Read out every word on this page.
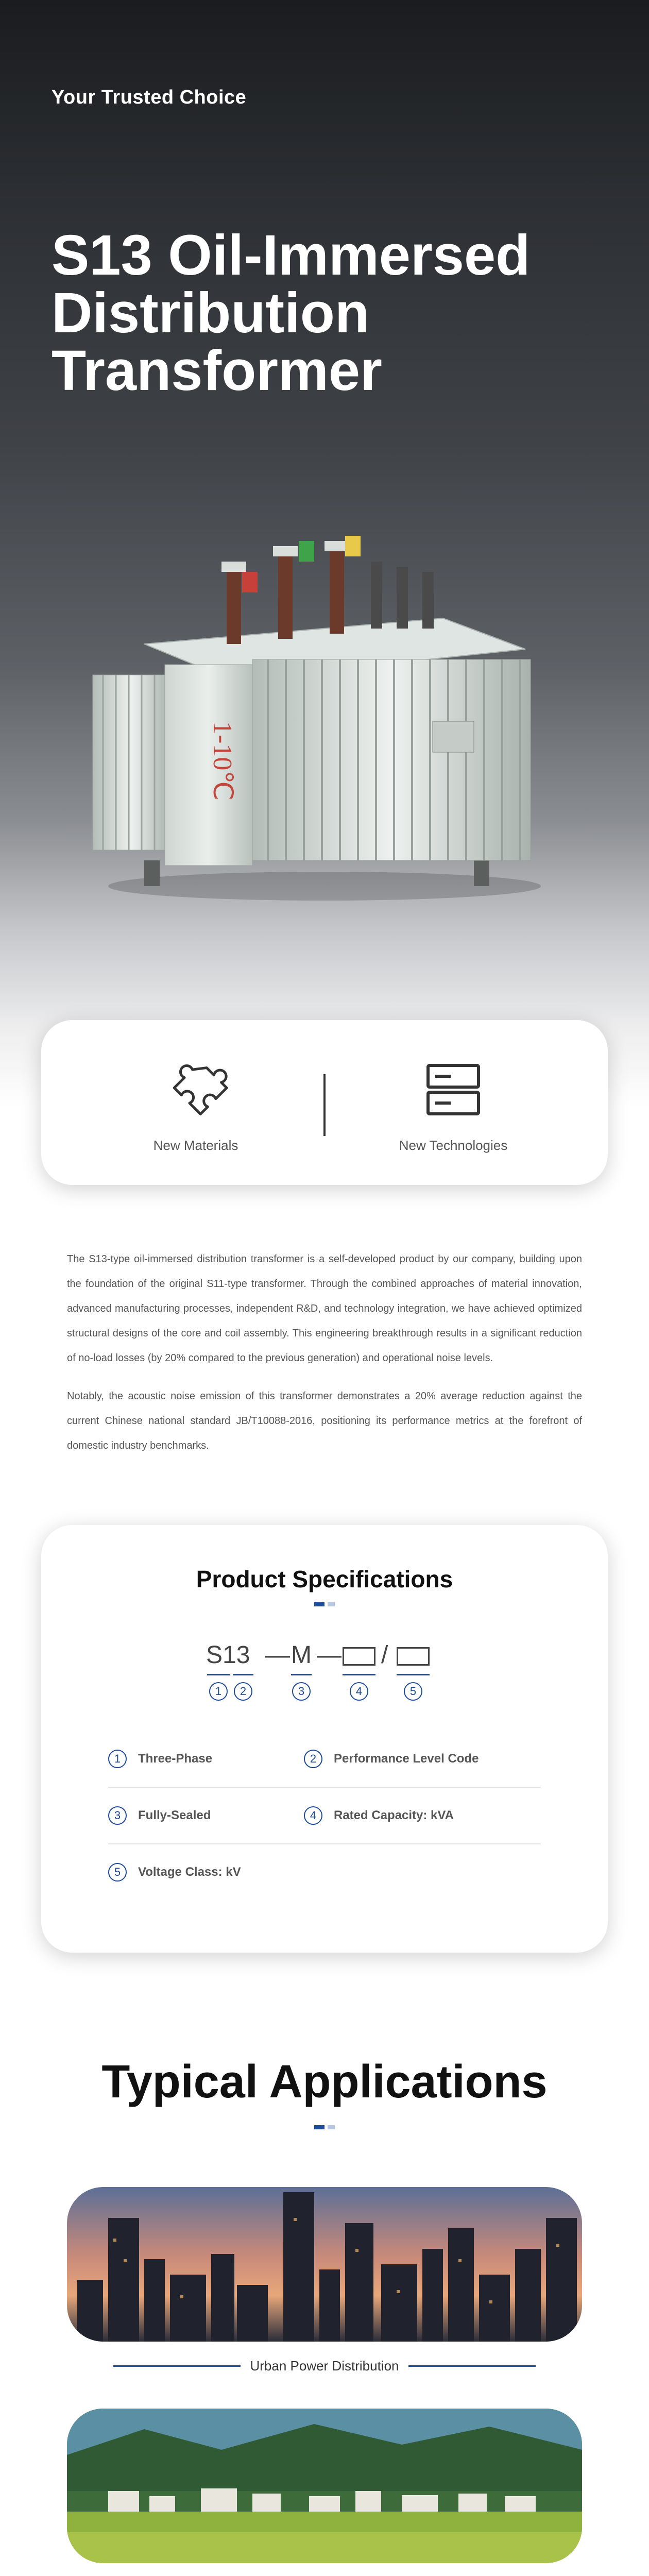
Your Trusted Choice
S13 Oil-Immersed Distribution Transformer
1-10℃
New Materials	New Technologies

The S13-type oil-immersed distribution transformer is a self-developed product by our company, building upon the foundation of the original S11-type transformer. Through the combined approaches of material innovation, advanced manufacturing processes, independent R&D, and technology integration, we have achieved optimized structural designs of the core and coil assembly. This engineering breakthrough results in a significant reduction of no-load losses (by 20% compared to the previous generation) and operational noise levels.

Notably, the acoustic noise emission of this transformer demonstrates a 20% average reduction against the current Chinese national standard JB/T10088-2016, positioning its performance metrics at the forefront of domestic industry benchmarks.

Product Specifications
S13 — M — /
1	2	3	4	5
1	Three-Phase	2	Performance Level Code
3	Fully-Sealed	4	Rated Capacity: kVA
5	Voltage Class: kV
Typical Applications
Urban Power Distribution
